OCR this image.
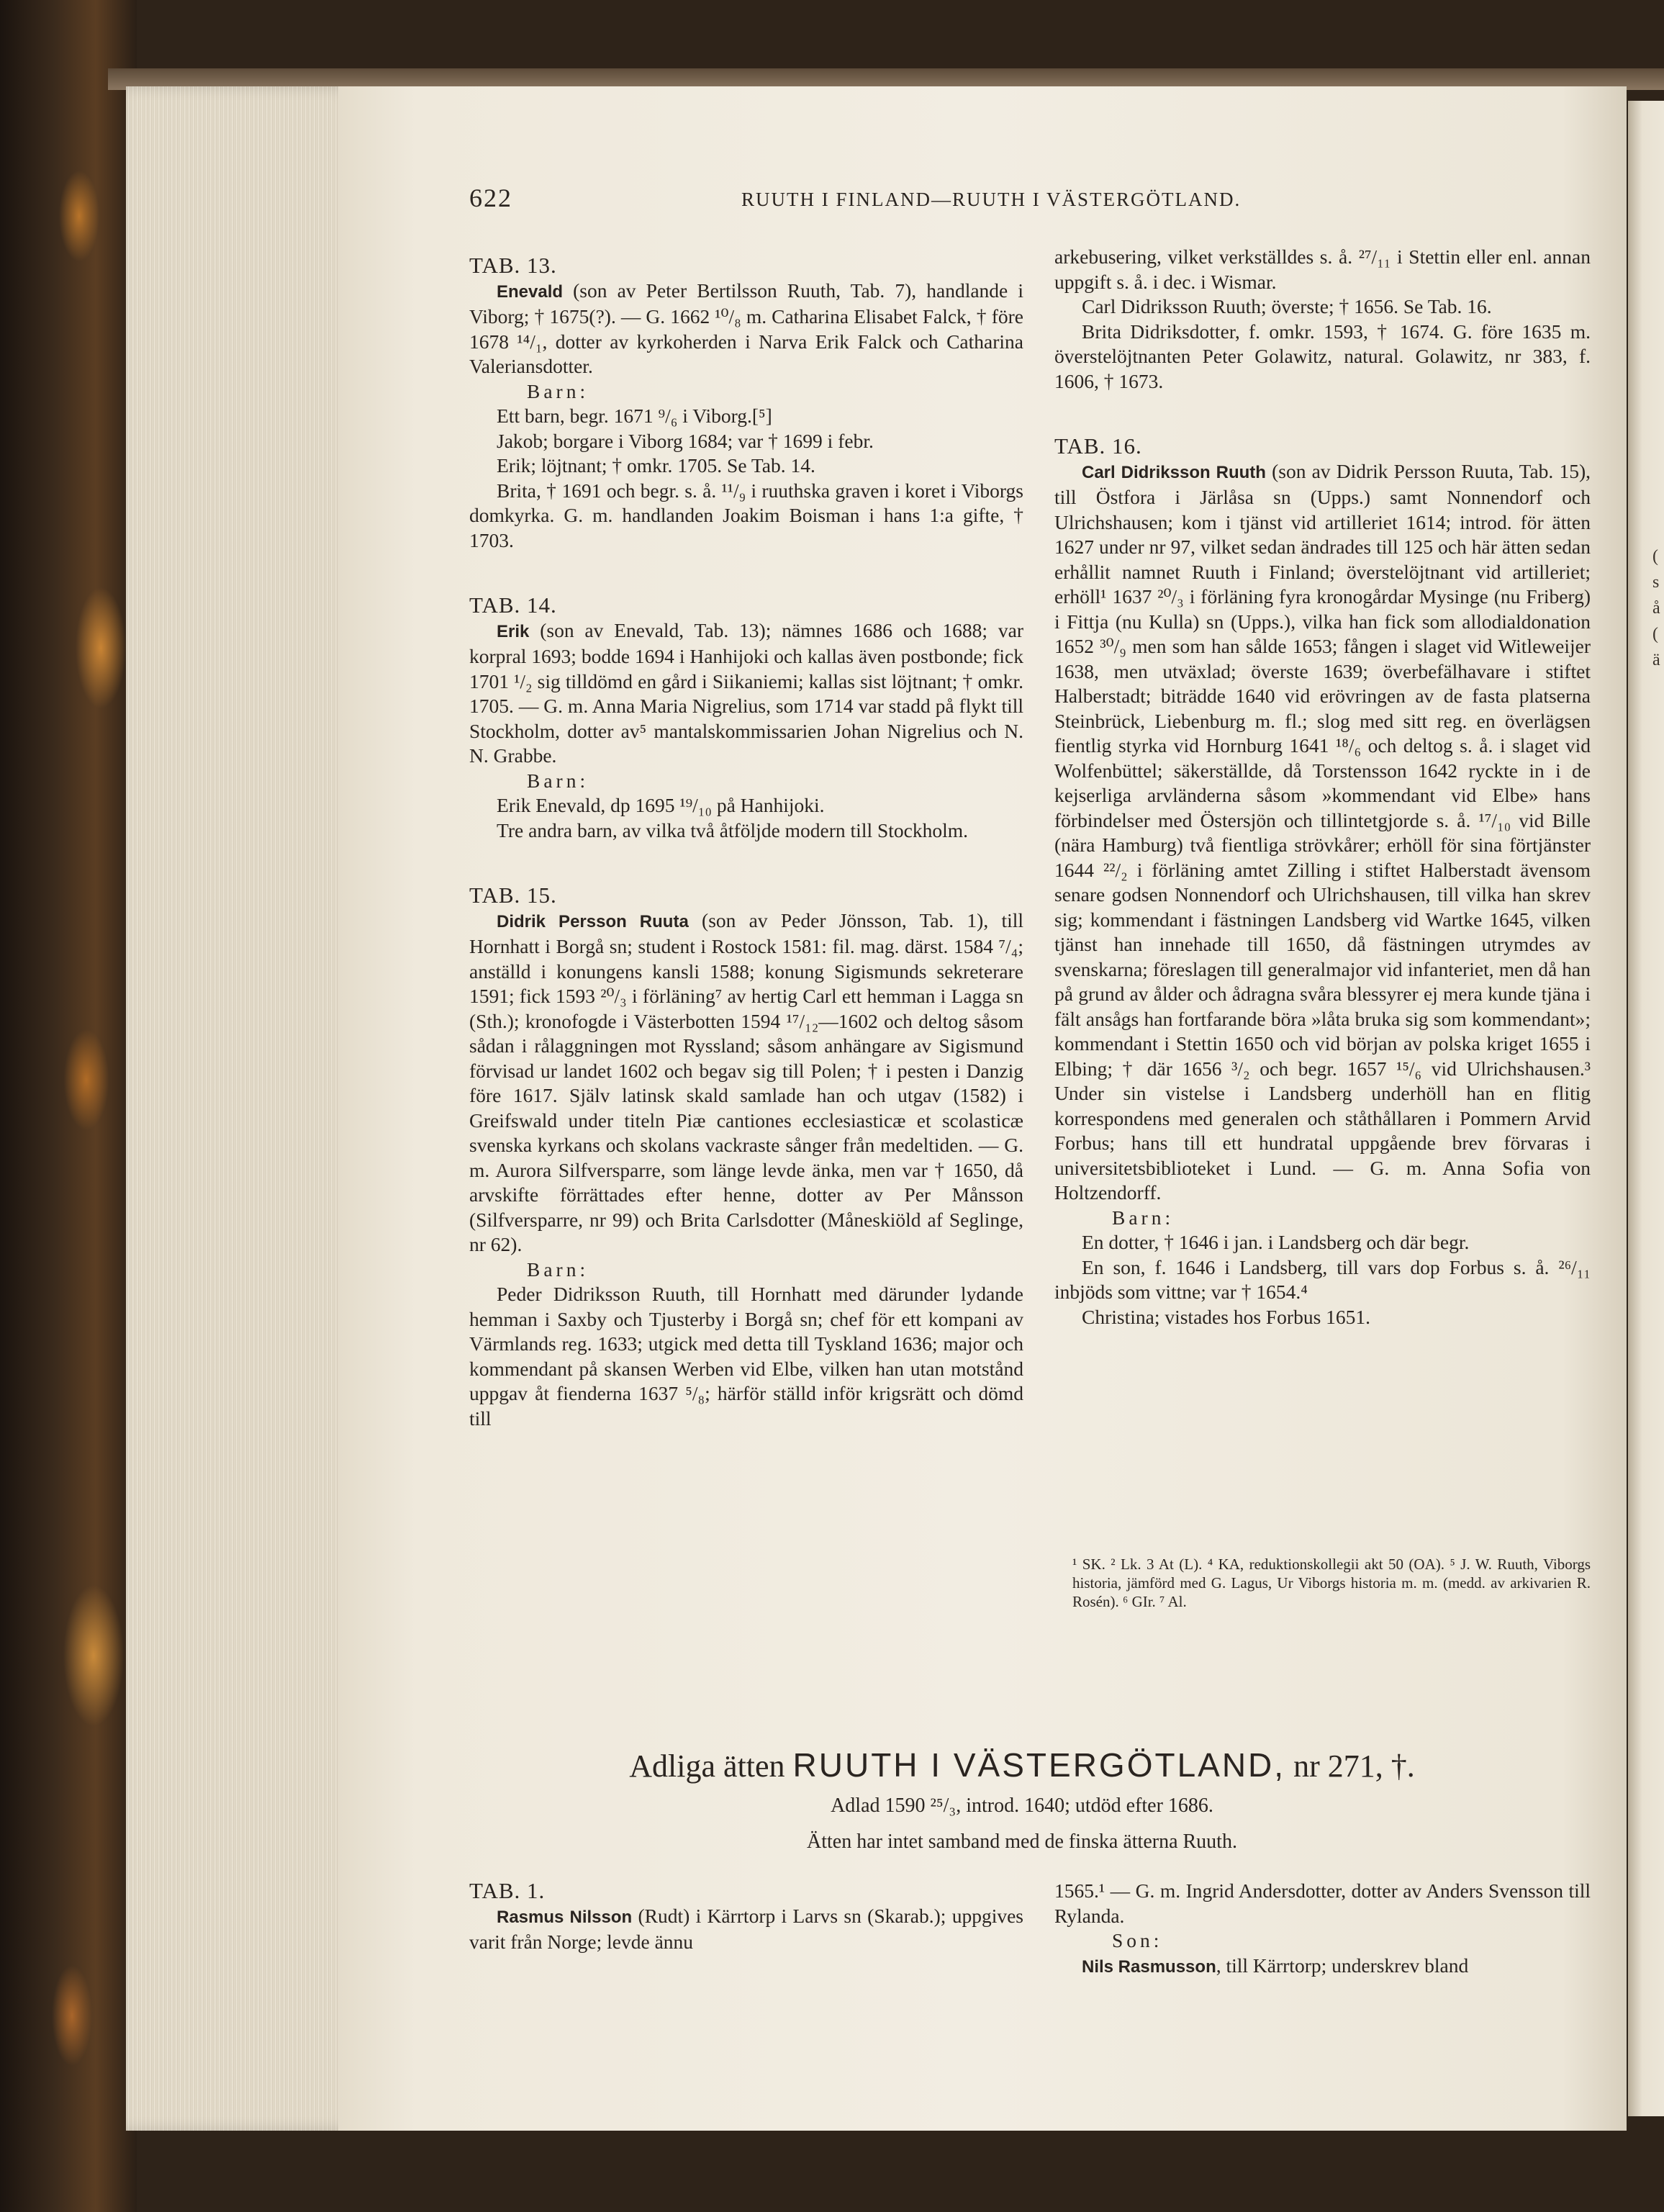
622	RUUTH I FINLAND—RUUTH I VÄSTERGÖTLAND.

TAB. 13.

Enevald (son av Peter Bertilsson Ruuth, Tab. 7), handlande i Viborg; † 1675(?). — G. 1662 ¹⁰/₈ m. Catharina Elisabet Falck, † före 1678 ¹⁴/₁, dotter av kyrkoherden i Narva Erik Falck och Catharina Valeriansdotter.

Barn:

Ett barn, begr. 1671 ⁹/₆ i Viborg.[⁵]

Jakob; borgare i Viborg 1684; var † 1699 i febr.

Erik; löjtnant; † omkr. 1705. Se Tab. 14.

Brita, † 1691 och begr. s. å. ¹¹/₉ i ruuthska graven i koret i Viborgs domkyrka. G. m. handlanden Joakim Boisman i hans 1:a gifte, † 1703.

TAB. 14.

Erik (son av Enevald, Tab. 13); nämnes 1686 och 1688; var korpral 1693; bodde 1694 i Hanhijoki och kallas även postbonde; fick 1701 ¹/₂ sig tilldömd en gård i Siikaniemi; kallas sist löjtnant; † omkr. 1705. — G. m. Anna Maria Nigrelius, som 1714 var stadd på flykt till Stockholm, dotter av⁵ mantalskommissarien Johan Nigrelius och N. N. Grabbe.

Barn:

Erik Enevald, dp 1695 ¹⁹/₁₀ på Hanhijoki.

Tre andra barn, av vilka två åtföljde modern till Stockholm.

TAB. 15.

Didrik Persson Ruuta (son av Peder Jönsson, Tab. 1), till Hornhatt i Borgå sn; student i Rostock 1581: fil. mag. därst. 1584 ⁷/₄; anställd i konungens kansli 1588; konung Sigismunds sekreterare 1591; fick 1593 ²⁰/₃ i förläning⁷ av hertig Carl ett hemman i Lagga sn (Sth.); kronofogde i Västerbotten 1594 ¹⁷/₁₂—1602 och deltog såsom sådan i rålaggningen mot Ryssland; såsom anhängare av Sigismund förvisad ur landet 1602 och begav sig till Polen; † i pesten i Danzig före 1617. Själv latinsk skald samlade han och utgav (1582) i Greifswald under titeln Piæ cantiones ecclesiasticæ et scolasticæ svenska kyrkans och skolans vackraste sånger från medeltiden. — G. m. Aurora Silfversparre, som länge levde änka, men var † 1650, då arvskifte förrättades efter henne, dotter av Per Månsson (Silfversparre, nr 99) och Brita Carlsdotter (Måneskiöld af Seglinge, nr 62).

Barn:

Peder Didriksson Ruuth, till Hornhatt med därunder lydande hemman i Saxby och Tjusterby i Borgå sn; chef för ett kompani av Värmlands reg. 1633; utgick med detta till Tyskland 1636; major och kommendant på skansen Werben vid Elbe, vilken han utan motstånd uppgav åt fienderna 1637 ⁵/₈; härför ställd inför krigsrätt och dömd till

arkebusering, vilket verkställdes s. å. ²⁷/₁₁ i Stettin eller enl. annan uppgift s. å. i dec. i Wismar.

Carl Didriksson Ruuth; överste; † 1656. Se Tab. 16.

Brita Didriksdotter, f. omkr. 1593, † 1674. G. före 1635 m. överstelöjtnanten Peter Golawitz, natural. Golawitz, nr 383, f. 1606, † 1673.

TAB. 16.

Carl Didriksson Ruuth (son av Didrik Persson Ruuta, Tab. 15), till Östfora i Järlåsa sn (Upps.) samt Nonnendorf och Ulrichshausen; kom i tjänst vid artilleriet 1614; introd. för ätten 1627 under nr 97, vilket sedan ändrades till 125 och här ätten sedan erhållit namnet Ruuth i Finland; överstelöjtnant vid artilleriet; erhöll¹ 1637 ²⁰/₃ i förläning fyra kronogårdar Mysinge (nu Friberg) i Fittja (nu Kulla) sn (Upps.), vilka han fick som allodialdonation 1652 ³⁰/₉ men som han sålde 1653; fången i slaget vid Witleweijer 1638, men utväxlad; överste 1639; överbefälhavare i stiftet Halberstadt; biträdde 1640 vid erövringen av de fasta platserna Steinbrück, Liebenburg m. fl.; slog med sitt reg. en överlägsen fientlig styrka vid Hornburg 1641 ¹⁸/₆ och deltog s. å. i slaget vid Wolfenbüttel; säkerställde, då Torstensson 1642 ryckte in i de kejserliga arvländerna såsom »kommendant vid Elbe» hans förbindelser med Östersjön och tillintetgjorde s. å. ¹⁷/₁₀ vid Bille (nära Hamburg) två fientliga strövkårer; erhöll för sina förtjänster 1644 ²²/₂ i förläning amtet Zilling i stiftet Halberstadt ävensom senare godsen Nonnendorf och Ulrichshausen, till vilka han skrev sig; kommendant i fästningen Landsberg vid Wartke 1645, vilken tjänst han innehade till 1650, då fästningen utrymdes av svenskarna; föreslagen till generalmajor vid infanteriet, men då han på grund av ålder och ådragna svåra blessyrer ej mera kunde tjäna i fält ansågs han fortfarande böra »låta bruka sig som kommendant»; kommendant i Stettin 1650 och vid början av polska kriget 1655 i Elbing; † där 1656 ³/₂ och begr. 1657 ¹⁵/₆ vid Ulrichshausen.³ Under sin vistelse i Landsberg underhöll han en flitig korrespondens med generalen och ståthållaren i Pommern Arvid Forbus; hans till ett hundratal uppgående brev förvaras i universitetsbiblioteket i Lund. — G. m. Anna Sofia von Holtzendorff.

Barn:

En dotter, † 1646 i jan. i Landsberg och där begr.

En son, f. 1646 i Landsberg, till vars dop Forbus s. å. ²⁶/₁₁ inbjöds som vittne; var † 1654.⁴

Christina; vistades hos Forbus 1651.

¹ SK. ² Lk. 3 At (L). ⁴ KA, reduktionskollegii akt 50 (OA). ⁵ J. W. Ruuth, Viborgs historia, jämförd med G. Lagus, Ur Viborgs historia m. m. (medd. av arkivarien R. Rosén). ⁶ GIr. ⁷ Al.

Adliga ätten RUUTH I VÄSTERGÖTLAND, nr 271, †.
Adlad 1590 ²⁵/₃, introd. 1640; utdöd efter 1686.
Ätten har intet samband med de finska ätterna Ruuth.

TAB. 1.

Rasmus Nilsson (Rudt) i Kärrtorp i Larvs sn (Skarab.); uppgives varit från Norge; levde ännu

1565.¹ — G. m. Ingrid Andersdotter, dotter av Anders Svensson till Rylanda.

Son:

Nils Rasmusson, till Kärrtorp; underskrev bland

(
s
å
(
ä
